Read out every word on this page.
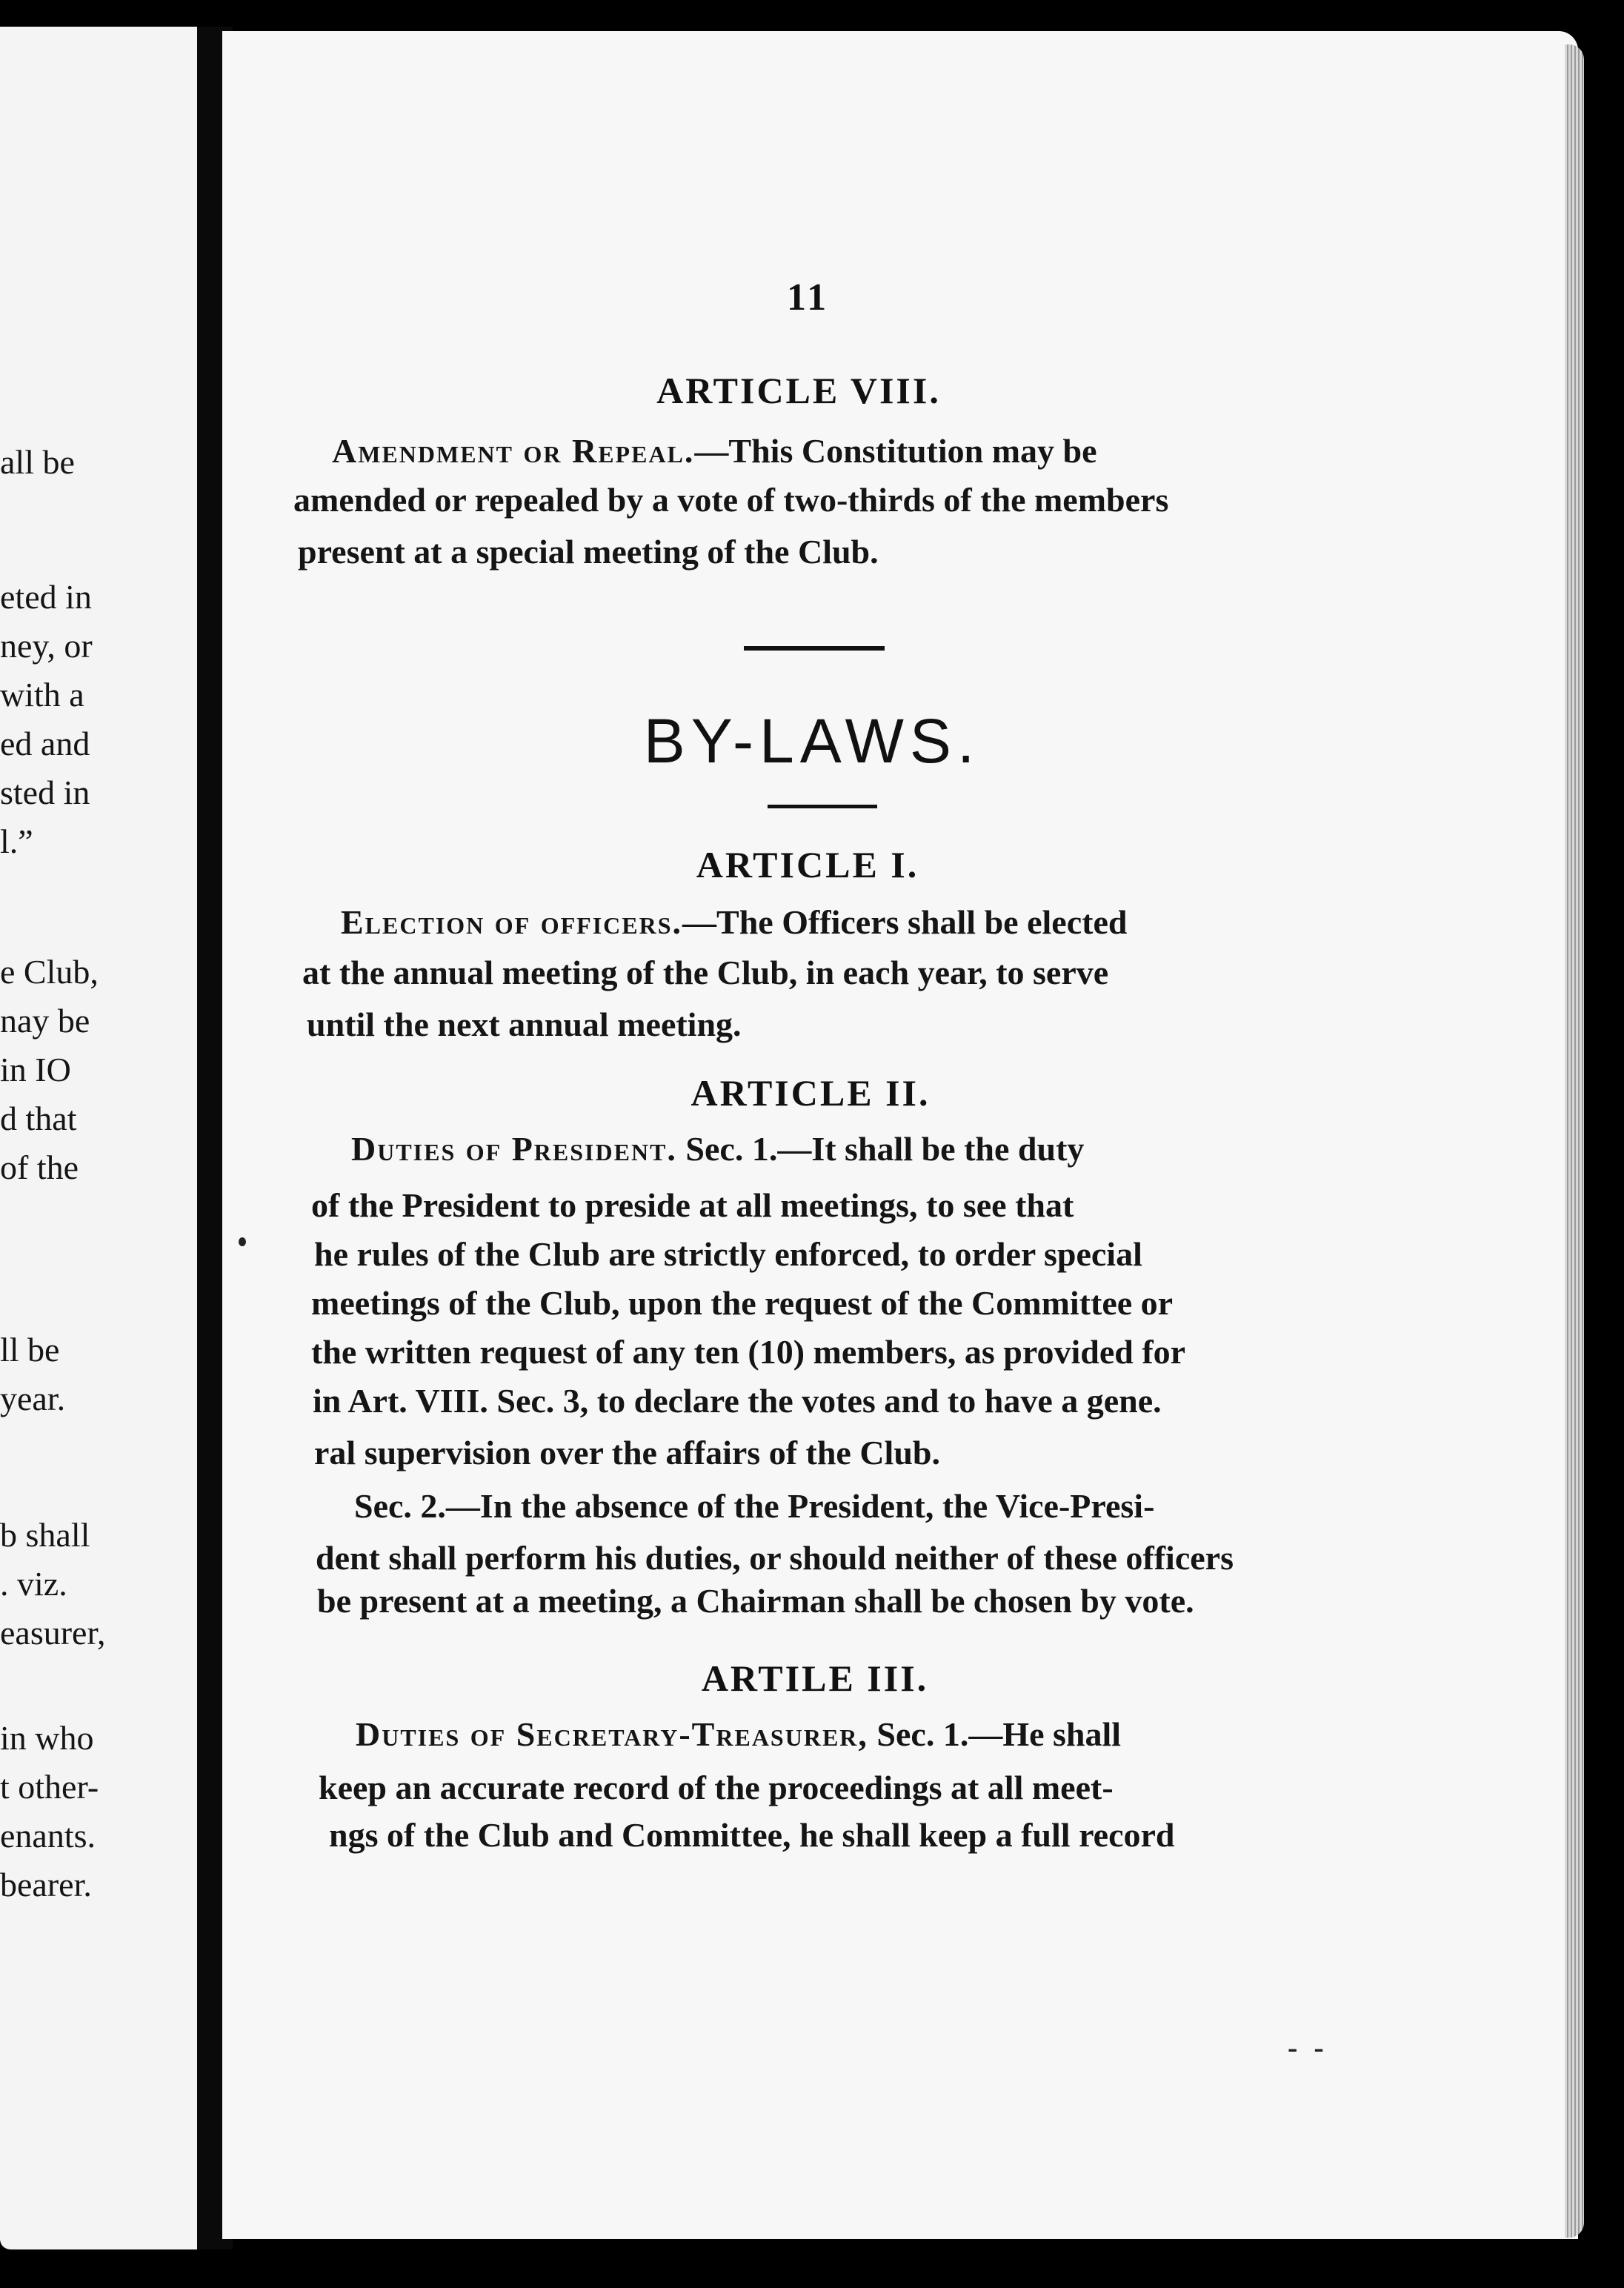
all be
eted in
ney, or
with a
ed and
sted in
l.”
e Club,
nay be
in IO
d that
of the
ll be
year.
b shall
. viz.
easurer,
in who
t other-
enants.
bearer.
11
ARTICLE VIII.
Amendment or Repeal.—This Constitution may be
amended or repealed by a vote of two-thirds of the members
present at a special meeting of the Club.
BY-LAWS.
ARTICLE I.
Election of officers.—The Officers shall be elected
at the annual meeting of the Club, in each year, to serve
until the next annual meeting.
ARTICLE II.
Duties of President. Sec. 1.—It shall be the duty
of the President to preside at all meetings, to see that
he rules of the Club are strictly enforced, to order special
meetings of the Club, upon the request of the Committee or
the written request of any ten (10) members, as provided for
in Art. VIII. Sec. 3, to declare the votes and to have a gene.
ral supervision over the affairs of the Club.
Sec. 2.—In the absence of the President, the Vice-Presi-
dent shall perform his duties, or should neither of these officers
be present at a meeting, a Chairman shall be chosen by vote.
ARTILE III.
Duties of Secretary-Treasurer, Sec. 1.—He shall
keep an accurate record of the proceedings at all meet-
ngs of the Club and Committee, he shall keep a full record
- -
